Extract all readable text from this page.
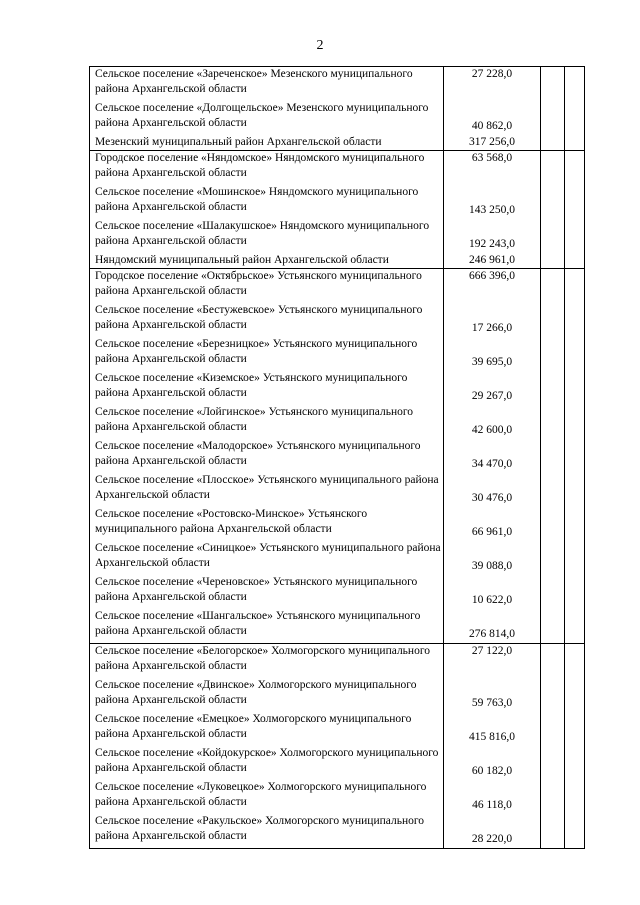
2
Сельское поселение «Зареченское» Мезенского муниципального района Архангельской области	27 228,0		
Сельское поселение «Долгощельское» Мезенского муниципального района Архангельской области	40 862,0		
Мезенский муниципальный район Архангельской области	317 256,0		
Городское поселение «Няндомское» Няндомского муниципального района Архангельской области	63 568,0		
Сельское поселение «Мошинское» Няндомского муниципального района Архангельской области	143 250,0		
Сельское поселение «Шалакушское» Няндомского муниципального района Архангельской области	192 243,0		
Няндомский муниципальный район Архангельской области	246 961,0		
Городское поселение «Октябрьское» Устьянского муниципального района Архангельской области	666 396,0		
Сельское поселение «Бестужевское» Устьянского муниципального района Архангельской области	17 266,0		
Сельское поселение «Березницкое» Устьянского муниципального района Архангельской области	39 695,0		
Сельское поселение «Киземское» Устьянского муниципального района Архангельской области	29 267,0		
Сельское поселение «Лойгинское» Устьянского муниципального района Архангельской области	42 600,0		
Сельское поселение «Малодорское» Устьянского муниципального района Архангельской области	34 470,0		
Сельское поселение «Плосское» Устьянского муниципального района Архангельской области	30 476,0		
Сельское поселение «Ростовско-Минское» Устьянского муниципального района Архангельской области	66 961,0		
Сельское поселение «Синицкое» Устьянского муниципального района Архангельской области	39 088,0		
Сельское поселение «Череновское» Устьянского муниципального района Архангельской области	10 622,0		
Сельское поселение «Шангальское» Устьянского муниципального района Архангельской области	276 814,0		
Сельское поселение «Белогорское» Холмогорского муниципального района Архангельской области	27 122,0		
Сельское поселение «Двинское» Холмогорского муниципального района Архангельской области	59 763,0		
Сельское поселение «Емецкое» Холмогорского муниципального района Архангельской области	415 816,0		
Сельское поселение «Койдокурское» Холмогорского муниципального района Архангельской области	60 182,0		
Сельское поселение «Луковецкое» Холмогорского муниципального района Архангельской области	46 118,0		
Сельское поселение «Ракульское» Холмогорского муниципального района Архангельской области	28 220,0		
